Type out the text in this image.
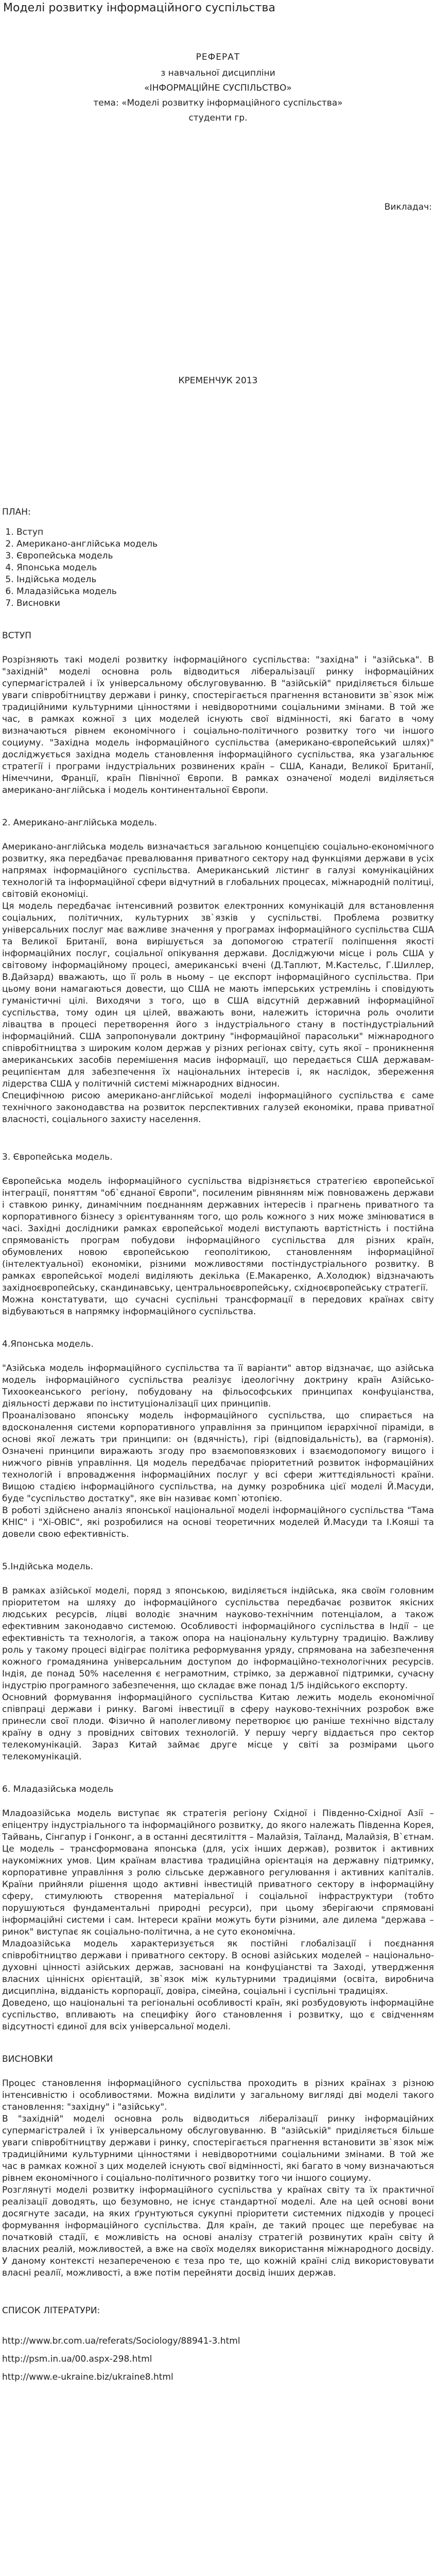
Моделі розвитку інформаційного суспільства

РЕФЕРАТ

з навчальної дисципліни

«ІНФОРМАЦІЙНЕ СУСПІЛЬСТВО»

тема: «Моделі розвитку інформаційного суспільства»

студенти гр.

Викладач:

КРЕМЕНЧУК 2013

ПЛАН:

1. Вступ
2. Американо-англійська модель
3. Європейська модель
4. Японська модель
5. Індійська модель
6. Младазійська модель
7. Висновки

ВСТУП

Розрізняють такі моделі розвитку інформаційного суспільства: "західна" і "азійська". В "західній" моделі основна роль відводиться ліберальізації ринку інформаційних супермагістралей і їх універсальному обслуговуванню. В "азійській" приділяється більше уваги співробітництву держави і ринку, спостерігається прагнення встановити зв`язок між традиційними культурними цінностями і невідворотними соціальними змінами. В той же час, в рамках кожної з цих моделей існують свої відмінності, які багато в чому визначаються рівнем економічного і соціально-політичного розвитку того чи іншого социуму. "Західна модель інформаційного суспільства (американо-європейський шлях)" досліджується західна модель становлення інформаційного суспільства, яка узагальнює стратегії і програми індустріальних розвинених країн – США, Канади, Великої Британії, Німеччини, Франції, країн Північної Європи. В рамках означеної моделі виділяється американо-англійська і модель континентальної Європи.

2. Американо-англійська модель.

Американо-англійська модель визначається загальною концепцією соціально-економічного розвитку, яка передбачає превалювання приватного сектору над функціями держави в усіх напрямах інформаційного суспільства. Американський лістинг в галузі комунікаційних технологій та інформаційної сфери відчутний в глобальних процесах, міжнародній політиці, світовій економіці.

Ця модель передбачає інтенсивний розвиток електронних комунікацій для встановлення соціальних, політичних, культурних зв`язків у суспільстві. Проблема розвитку універсальних послуг має важливе значення у програмах інформаційного суспільства США та Великої Британії, вона вирішується за допомогою стратегії поліпшення якості інформаційних послуг, соціальної опікування держави. Досліджуючи місце і роль США у світовому інформаційному процесі, американські вчені (Д.Таплют, М.Кастельс, Г.Шиллер, В.Дайзард) вважають, що її роль в ньому – це експорт інформаційного суспільства. При цьому вони намагаються довести, що США не мають імперських устремлінь і сповідують гуманістичні цілі. Виходячи з того, що в США відсутній державний інформаційної суспільства, тому один ця цілей, вважають вони, належить історична роль очолити лівацтва в процесі перетворення його з індустріального стану в постіндустріальний інформаційний. США запропонували доктрину "інформаційної парасольки" міжнародного співробітництва з широким колом держав у різних регіонах світу, суть якої – проникнення американських засобів перемішення масив інформації, що передається США державам-реципієнтам для забезпечення їх національних інтересів і, як наслідок, збереження лідерства США у політичній системі міжнародних відносин.

Специфічною рисою американо-англійської моделі інформаційного суспільства є саме технічного законодавства на розвиток перспективних галузей економіки, права приватної власності, соціального захисту населення.

3. Європейська модель.

Європейська модель інформаційного суспільства відрізняється стратегією європейської інтеграції, поняттям "об`єднаної Європи", посиленим рівнянням між повноважень держави і ставкою ринку, динамічним поєднанням державних інтересів і прагнень приватного та корпоративного бізнесу з орієнтуванням того, що роль кожного з них може змінюватися в часі. Західні дослідники рамках європейської моделі виступають вартістність і постійна спрямованість програм побудови інформаційного суспільства для різних країн, обумовлених новою європейською геополітикою, становленням інформаційної (інтелектуальної) економіки, різними можливостями постіндустріального розвитку. В рамках європейської моделі виділяють декілька (Е.Макаренко, А.Холодюк) відзначають західноєвропейську, скандинавську, центральноєвропейську, східноєвропейську стратегії.

Можна констатувати, що сучасні суспільні трансформації в передових країнах світу відбуваються в напрямку інформаційного суспільства.

4.Японська модель.

"Азійська модель інформаційного суспільства та її варіанти" автор відзначає, що азійська модель інформаційного суспільства реалізує ідеологічну доктрину країн Азійсько-Тихоокеанського регіону, побудовану на фільософських принципах конфуціанства, діяльності держави по інституціоналізації цих принципів.

Проаналізовано японську модель інформаційного суспільства, що спирається на вдосконалення системи корпоративного управління за принципом ієрархічної піраміди, в основі якої лежать три принципи: он (вдячність), гірі (відповідальність), ва (гармонія). Означені принципи виражають згоду про взаємоповязкових і взаємодопомогу вищого і нижчого рівнів управління. Ця модель передбачає пріоритетний розвиток інформаційних технологій і впровадження інформаційних послуг у всі сфери життєдіяльності країни. Вищою стадією інформаційного суспільства, на думку розробника цієї моделі Й.Масуди, буде "суспільство достатку", яке він називає комп`ютопією.

В роботі здійснено аналіз японської національної моделі інформаційного суспільства "Тама КНІС" і "Хі-ОВІС", які розробилися на основі теоретичних моделей Й.Масуди та І.Кояші та довели свою ефективність.

5.Індійська модель.

В рамках азійської моделі, поряд з японською, виділяється індійська, яка своїм головним пріоритетом на шляху до інформаційного суспільства передбачає розвиток якісних людських ресурсів, ліцві володіє значним науково-технічним потенціалом, а також ефективним законодавчо системою. Особливості інформаційного суспільства в Індії – це ефективність та технологія, а також опора на національну культурну традицію. Важливу роль у такому процесі відіграє політика реформування уряду, спрямована на забезпечення кожного громадянина універсальним доступом до інформаційно-технологічних ресурсів. Індія, де понад 50% населення є неграмотним, стрімко, за державної підтримки, сучасну індустрію програмного забезпечення, що складає вже понад 1/5 індійського експорту.

Основний формування інформаційного суспільства Китаю лежить модель економічної співпраці держави і ринку. Вагомі інвестиції в сферу науково-технічних розробок вже принесли свої плоди. Фізично й наполегливому перетворює цю раніше технічно відсталу країну в одну з провідних світових технологій. У першу чергу віддається про сектор телекомунікацій. Зараз Китай займає друге місце у світі за розмірами цього телекомунікацій.

6. Младазійська модель

Младоазійська модель виступає як стратегія регіону Східної і Південно-Східної Азії – епіцентру індустріального та інформаційного розвитку, до якого належать Південна Корея, Тайвань, Сінгапур і Гонконг, а в останні десятиліття – Малайзія, Таїланд, Малайзія, В`єтнам. Це модель – трансформована японська (для, усіх інших держав), розвиток і активних наукоміжних умов. Цим країнам властива традиційна орієнтація на державну підтримку, корпоративне управління з ролю сільське державного регулювання і активних капіталів. Країни прийняли рішення щодо активні інвестицій приватного сектору в інформаційну сферу, стимулюють створення матеріальної і соціальної інфраструктури (тобто порушуються фундаментальні природні ресурси), при цьому зберігаючи спрямовані інформаційні системи і сам. Інтереси країни можуть бути різними, але дилема "держава – ринок" виступає як соціально-політична, а не суто економічна.

Младоазійська модель характеризується як постійні глобалізації і поєднання співробітництво держави і приватного сектору. В основі азійських моделей – національно-духовні цінності азійських держав, засновані на конфуціанстві та Заході, утвердження власних цінніснх орієнтацій, зв`язок між культурними традиціями (освіта, виробнича дисципліна, відданість корпорації, довіра, сімейна, соціальні і суспільні традиціях.

Доведено, що національні та регіональні особливості країн, які розбудовують інформаційне суспільство, впливають на специфіку його становлення і розвитку, що є свідченням відсутності єдиної для всіх універсальної моделі.

ВИСНОВКИ

Процес становлення інформаційного суспільства проходить в різних країнах з різною інтенсивністю і особливостями. Можна виділити у загальному вигляді дві моделі такого становлення: "західну" і "азійську".

В "західній" моделі основна роль відводиться лібералізації ринку інформаційних супермагістралей і їх універсальному обслуговуванню. В "азійській" приділяється більше уваги співробітництву держави і ринку, спостерігається прагнення встановити зв`язок між традиційними культурними цінностями і невідворотними соціальними змінами. В той же час в рамках кожної з цих моделей існують свої відмінності, які багато в чому визначаються рівнем економічного і соціально-політичного розвитку того чи іншого социуму.

Розглянуті моделі розвитку інформаційного суспільства у країнах світу та їх практичної реалізації доводять, що безумовно, не існує стандартної моделі. Але на цей основі вони досягнуте засади, на яких ґрунтуються сукупні пріоритети системних підходів у процесі формування інформаційного суспільства. Для країн, де такий процес ще перебуває на початковій стадії, є можливість на основі аналізу стратегій розвинутих країн світу й власних реалій, можливостей, а вже на своїх моделях використання міжнародного досвіду. У даному контексті незапереченою є теза про те, що кожній країні слід використовувати власні реалії, можливості, а вже потім перейняти досвід інших держав.

СПИСОК ЛІТЕРАТУРИ:

http://www.br.com.ua/referats/Sociology/88941-3.html

http://psm.in.ua/00.aspx-298.html

http://www.e-ukraine.biz/ukraine8.html
